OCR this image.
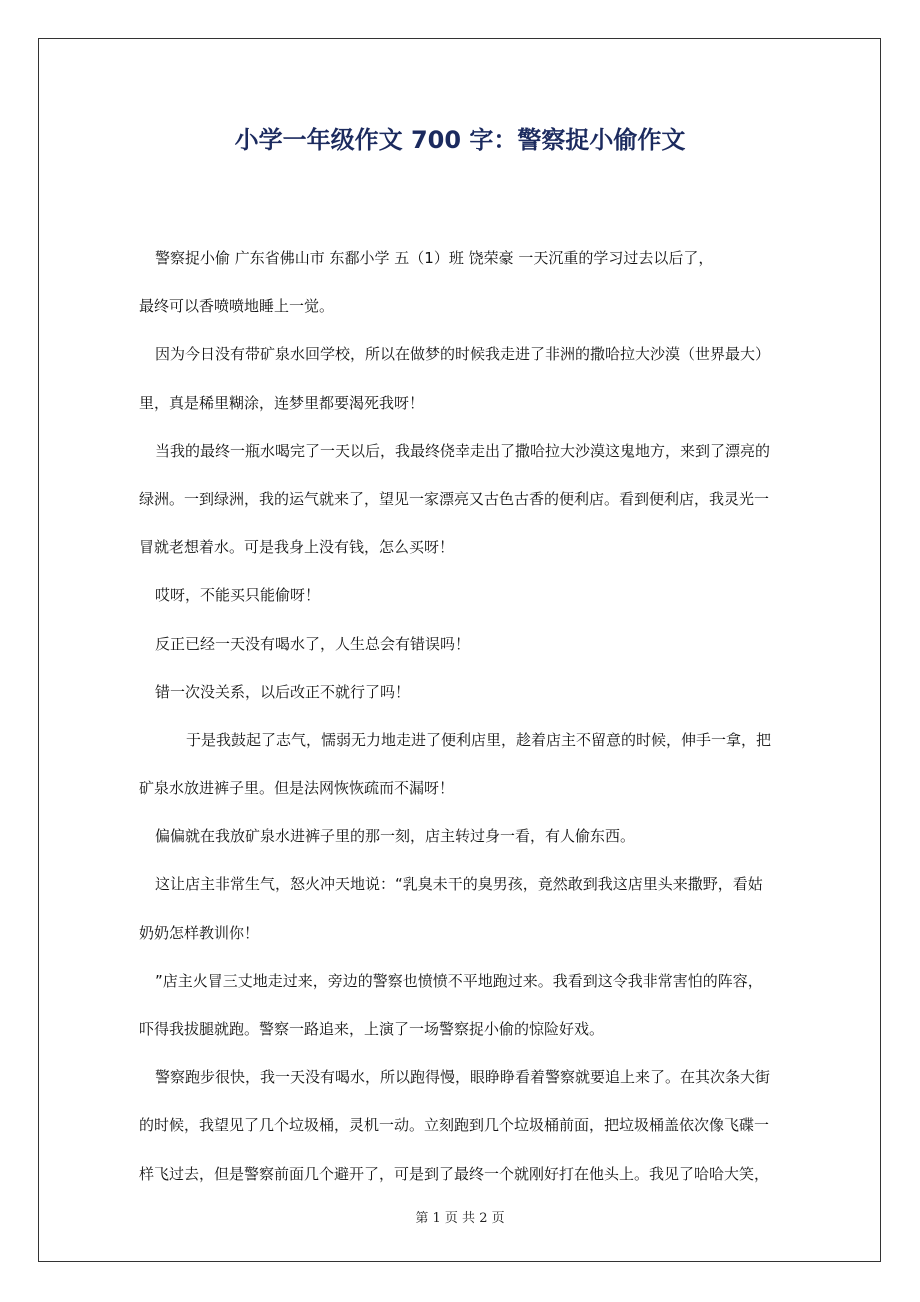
小学一年级作文 700 字：警察捉小偷作文
警察捉小偷 广东省佛山市 东鄱小学 五（1）班 饶荣豪 一天沉重的学习过去以后了，
最终可以香喷喷地睡上一觉。
因为今日没有带矿泉水回学校，所以在做梦的时候我走进了非洲的撒哈拉大沙漠（世界最大）
里，真是稀里糊涂，连梦里都要渴死我呀！
当我的最终一瓶水喝完了一天以后，我最终侥幸走出了撒哈拉大沙漠这鬼地方，来到了漂亮的
绿洲。一到绿洲，我的运气就来了，望见一家漂亮又古色古香的便利店。看到便利店，我灵光一
冒就老想着水。可是我身上没有钱，怎么买呀！
哎呀，不能买只能偷呀！
反正已经一天没有喝水了，人生总会有错误吗！
错一次没关系，以后改正不就行了吗！
于是我鼓起了志气，懦弱无力地走进了便利店里，趁着店主不留意的时候，伸手一拿，把
矿泉水放进裤子里。但是法网恢恢疏而不漏呀！
偏偏就在我放矿泉水进裤子里的那一刻，店主转过身一看，有人偷东西。
这让店主非常生气，怒火冲天地说：“乳臭未干的臭男孩，竟然敢到我这店里头来撒野，看姑
奶奶怎样教训你！
”店主火冒三丈地走过来，旁边的警察也愤愤不平地跑过来。我看到这令我非常害怕的阵容，
吓得我拔腿就跑。警察一路追来，上演了一场警察捉小偷的惊险好戏。
警察跑步很快，我一天没有喝水，所以跑得慢，眼睁睁看着警察就要追上来了。在其次条大街
的时候，我望见了几个垃圾桶，灵机一动。立刻跑到几个垃圾桶前面，把垃圾桶盖依次像飞碟一
样飞过去，但是警察前面几个避开了，可是到了最终一个就刚好打在他头上。我见了哈哈大笑，
第 1 页 共 2 页
